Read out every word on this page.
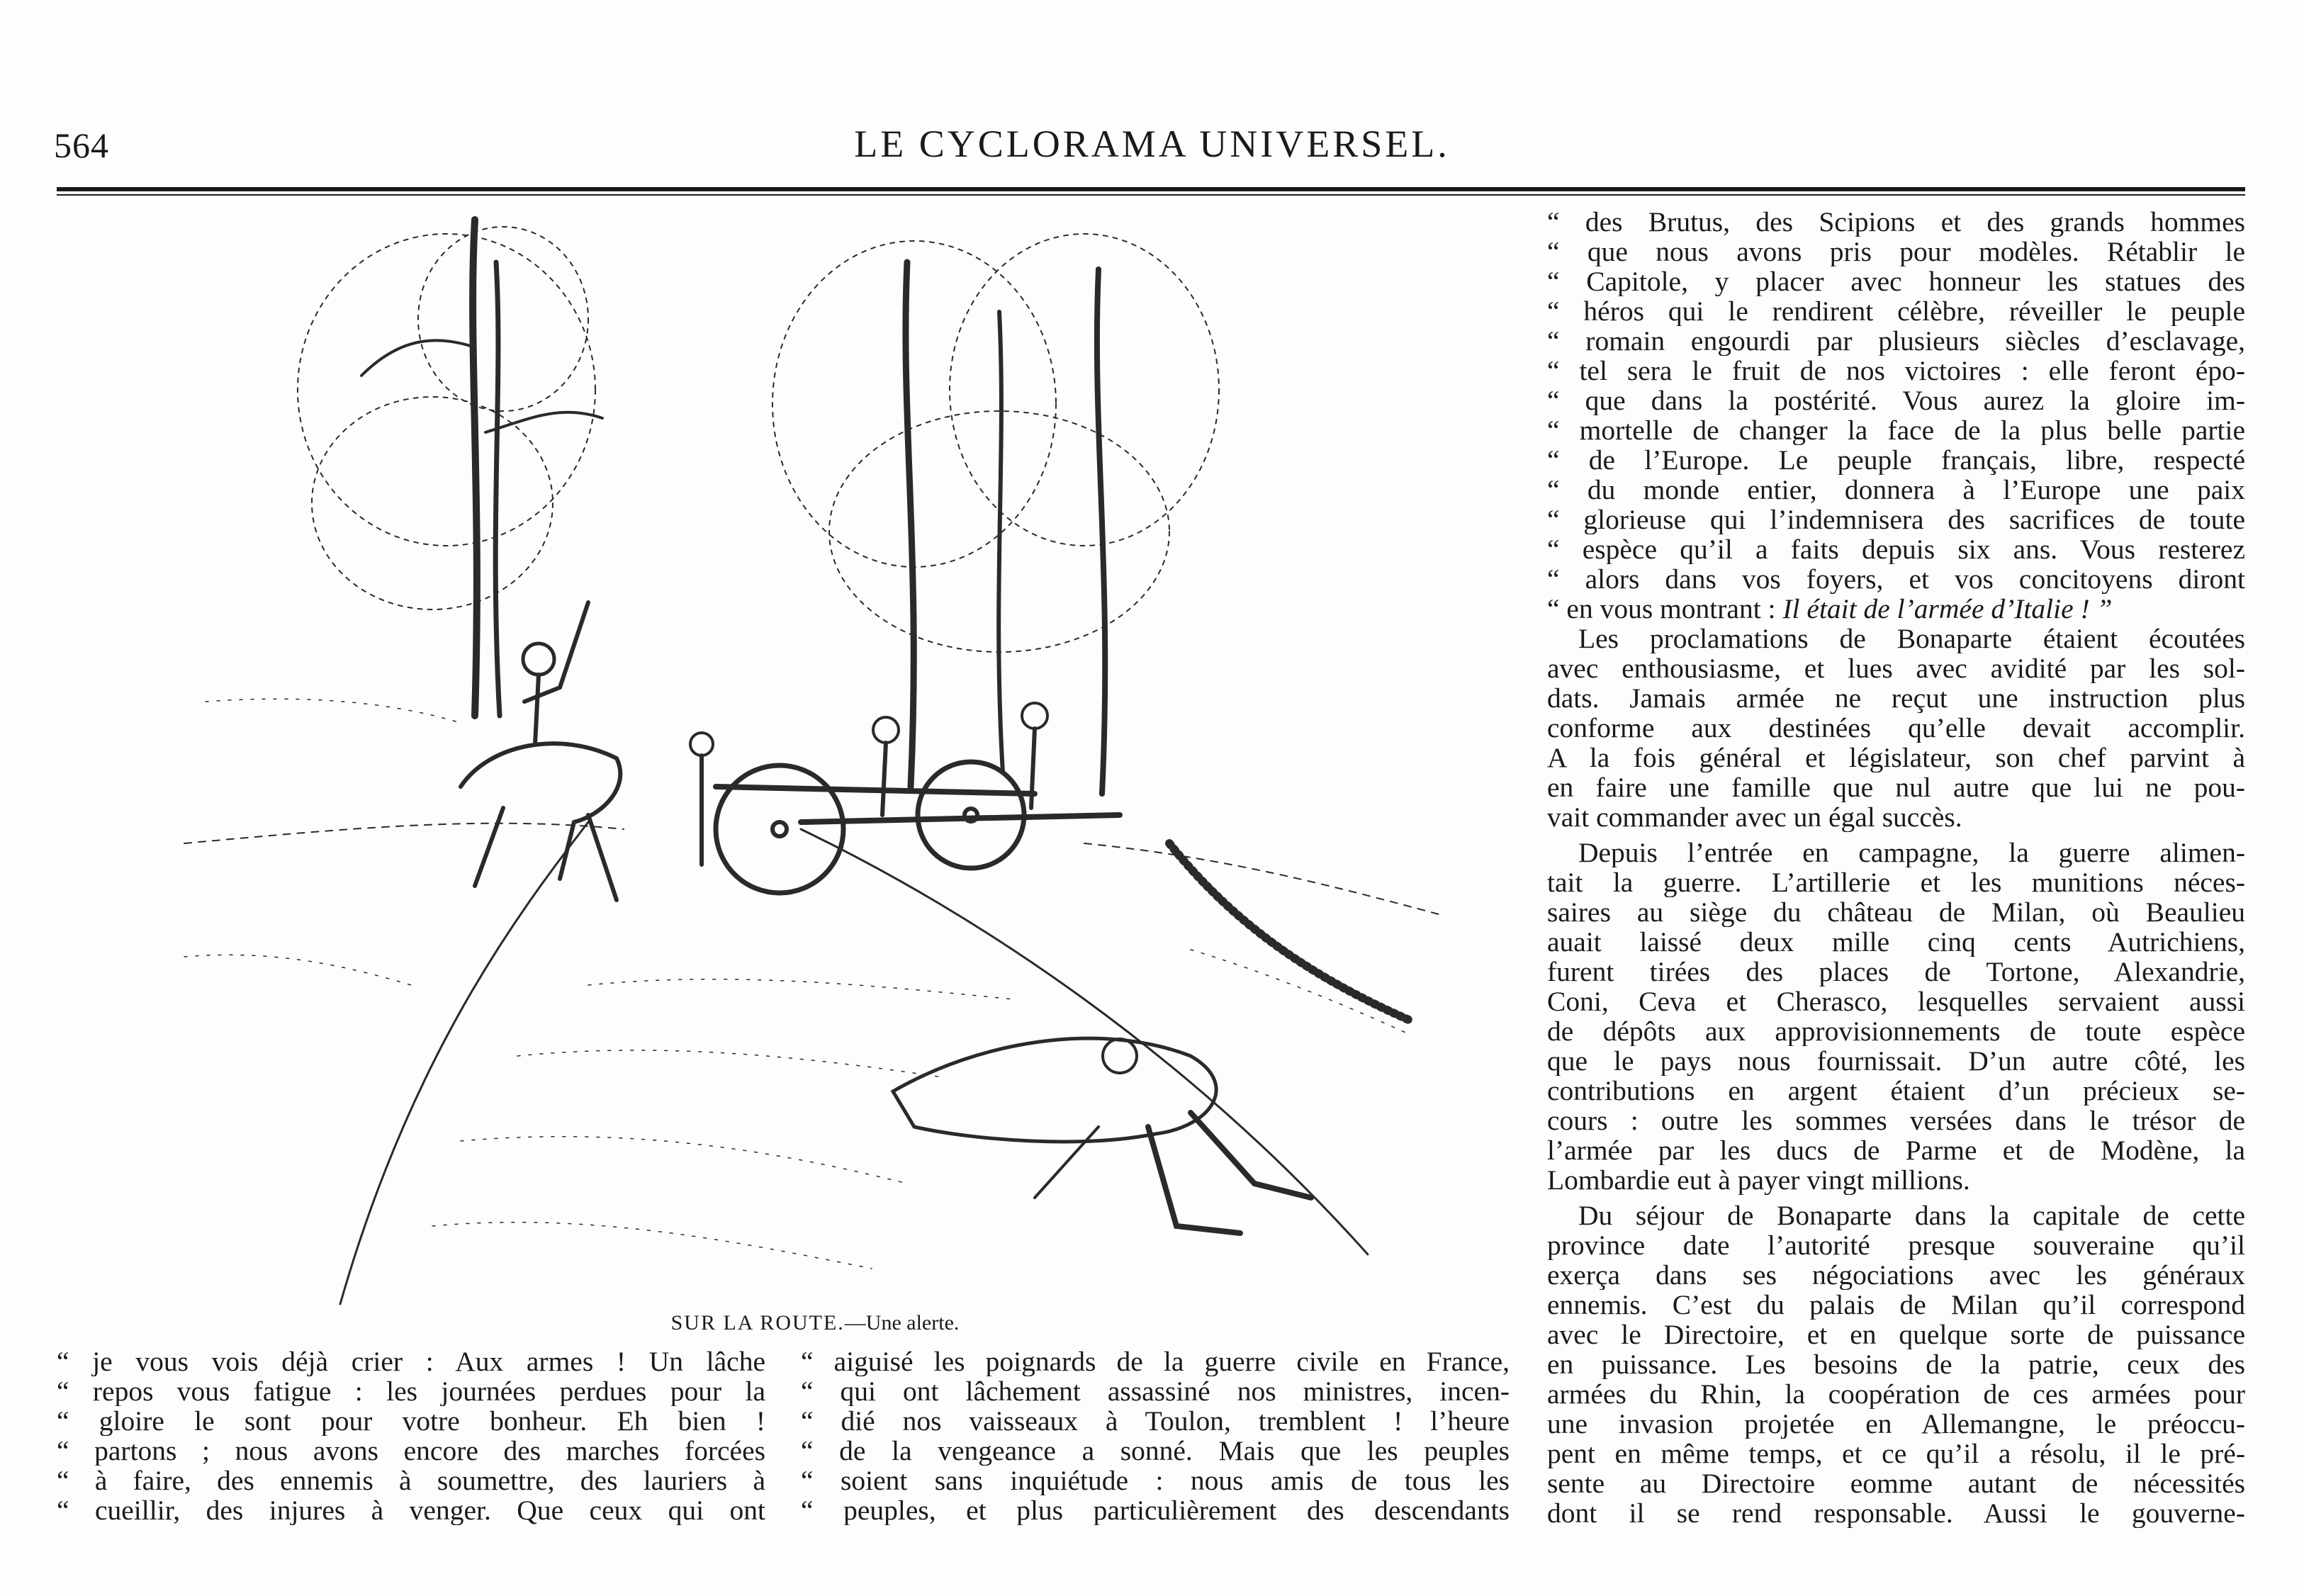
564	LE CYCLORAMA UNIVERSEL.
SUR LA ROUTE.—Une alerte.
“ je vous vois déjà crier : Aux armes ! Un lâche
“ repos vous fatigue : les journées perdues pour la
“ gloire le sont pour votre bonheur. Eh bien !
“ partons ; nous avons encore des marches forcées
“ à faire, des ennemis à soumettre, des lauriers à
“ cueillir, des injures à venger. Que ceux qui ont
“ aiguisé les poignards de la guerre civile en France,
“ qui ont lâchement assassiné nos ministres, incen-
“ dié nos vaisseaux à Toulon, tremblent ! l’heure
“ de la vengeance a sonné. Mais que les peuples
“ soient sans inquiétude : nous amis de tous les
“ peuples, et plus particulièrement des descendants
“ des Brutus, des Scipions et des grands hommes
“ que nous avons pris pour modèles. Rétablir le
“ Capitole, y placer avec honneur les statues des
“ héros qui le rendirent célèbre, réveiller le peuple
“ romain engourdi par plusieurs siècles d’esclavage,
“ tel sera le fruit de nos victoires : elle feront épo-
“ que dans la postérité. Vous aurez la gloire im-
“ mortelle de changer la face de la plus belle partie
“ de l’Europe. Le peuple français, libre, respecté
“ du monde entier, donnera à l’Europe une paix
“ glorieuse qui l’indemnisera des sacrifices de toute
“ espèce qu’il a faits depuis six ans. Vous resterez
“ alors dans vos foyers, et vos concitoyens diront
“ en vous montrant : Il était de l’armée d’Italie ! ”
Les proclamations de Bonaparte étaient écoutées
avec enthousiasme, et lues avec avidité par les sol-
dats. Jamais armée ne reçut une instruction plus
conforme aux destinées qu’elle devait accomplir.
A la fois général et législateur, son chef parvint à
en faire une famille que nul autre que lui ne pou-
vait commander avec un égal succès.
Depuis l’entrée en campagne, la guerre alimen-
tait la guerre. L’artillerie et les munitions néces-
saires au siège du château de Milan, où Beaulieu
auait laissé deux mille cinq cents Autrichiens,
furent tirées des places de Tortone, Alexandrie,
Coni, Ceva et Cherasco, lesquelles servaient aussi
de dépôts aux approvisionnements de toute espèce
que le pays nous fournissait. D’un autre côté, les
contributions en argent étaient d’un précieux se-
cours : outre les sommes versées dans le trésor de
l’armée par les ducs de Parme et de Modène, la
Lombardie eut à payer vingt millions.
Du séjour de Bonaparte dans la capitale de cette
province date l’autorité presque souveraine qu’il
exerça dans ses négociations avec les généraux
ennemis. C’est du palais de Milan qu’il correspond
avec le Directoire, et en quelque sorte de puissance
en puissance. Les besoins de la patrie, ceux des
armées du Rhin, la coopération de ces armées pour
une invasion projetée en Allemangne, le préoccu-
pent en même temps, et ce qu’il a résolu, il le pré-
sente au Directoire eomme autant de nécessités
dont il se rend responsable. Aussi le gouverne-
